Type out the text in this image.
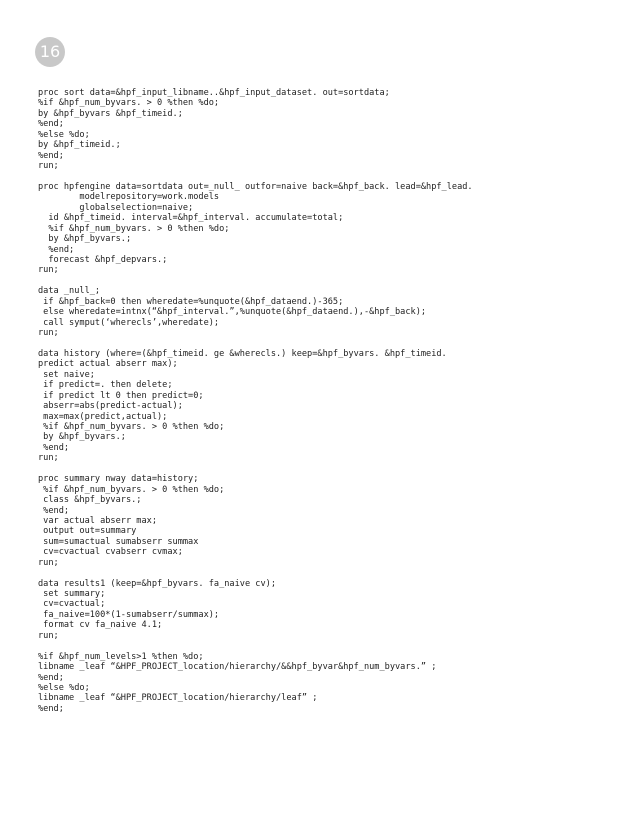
16
proc sort data=&hpf_input_libname..&hpf_input_dataset. out=sortdata;
%if &hpf_num_byvars. > 0 %then %do;
by &hpf_byvars &hpf_timeid.;
%end;
%else %do;
by &hpf_timeid.;
%end;
run;
proc hpfengine data=sortdata out=_null_ outfor=naive back=&hpf_back. lead=&hpf_lead.
modelrepository=work.models
globalselection=naive;
id &hpf_timeid. interval=&hpf_interval. accumulate=total;
%if &hpf_num_byvars. > 0 %then %do;
by &hpf_byvars.;
%end;
forecast &hpf_depvars.;
run;
data _null_;
if &hpf_back=0 then wheredate=%unquote(&hpf_dataend.)-365;
else wheredate=intnx(“&hpf_interval.”,%unquote(&hpf_dataend.),-&hpf_back);
call symput(‘wherecls’,wheredate);
run;
data history (where=(&hpf_timeid. ge &wherecls.) keep=&hpf_byvars. &hpf_timeid.
predict actual abserr max);
set naive;
if predict=. then delete;
if predict lt 0 then predict=0;
abserr=abs(predict-actual);
max=max(predict,actual);
%if &hpf_num_byvars. > 0 %then %do;
by &hpf_byvars.;
%end;
run;
proc summary nway data=history;
%if &hpf_num_byvars. > 0 %then %do;
class &hpf_byvars.;
%end;
var actual abserr max;
output out=summary
sum=sumactual sumabserr summax
cv=cvactual cvabserr cvmax;
run;
data results1 (keep=&hpf_byvars. fa_naive cv);
set summary;
cv=cvactual;
fa_naive=100*(1-sumabserr/summax);
format cv fa_naive 4.1;
run;
%if &hpf_num_levels>1 %then %do;
libname _leaf “&HPF_PROJECT_location/hierarchy/&&hpf_byvar&hpf_num_byvars.” ;
%end;
%else %do;
libname _leaf “&HPF_PROJECT_location/hierarchy/leaf” ;
%end;
